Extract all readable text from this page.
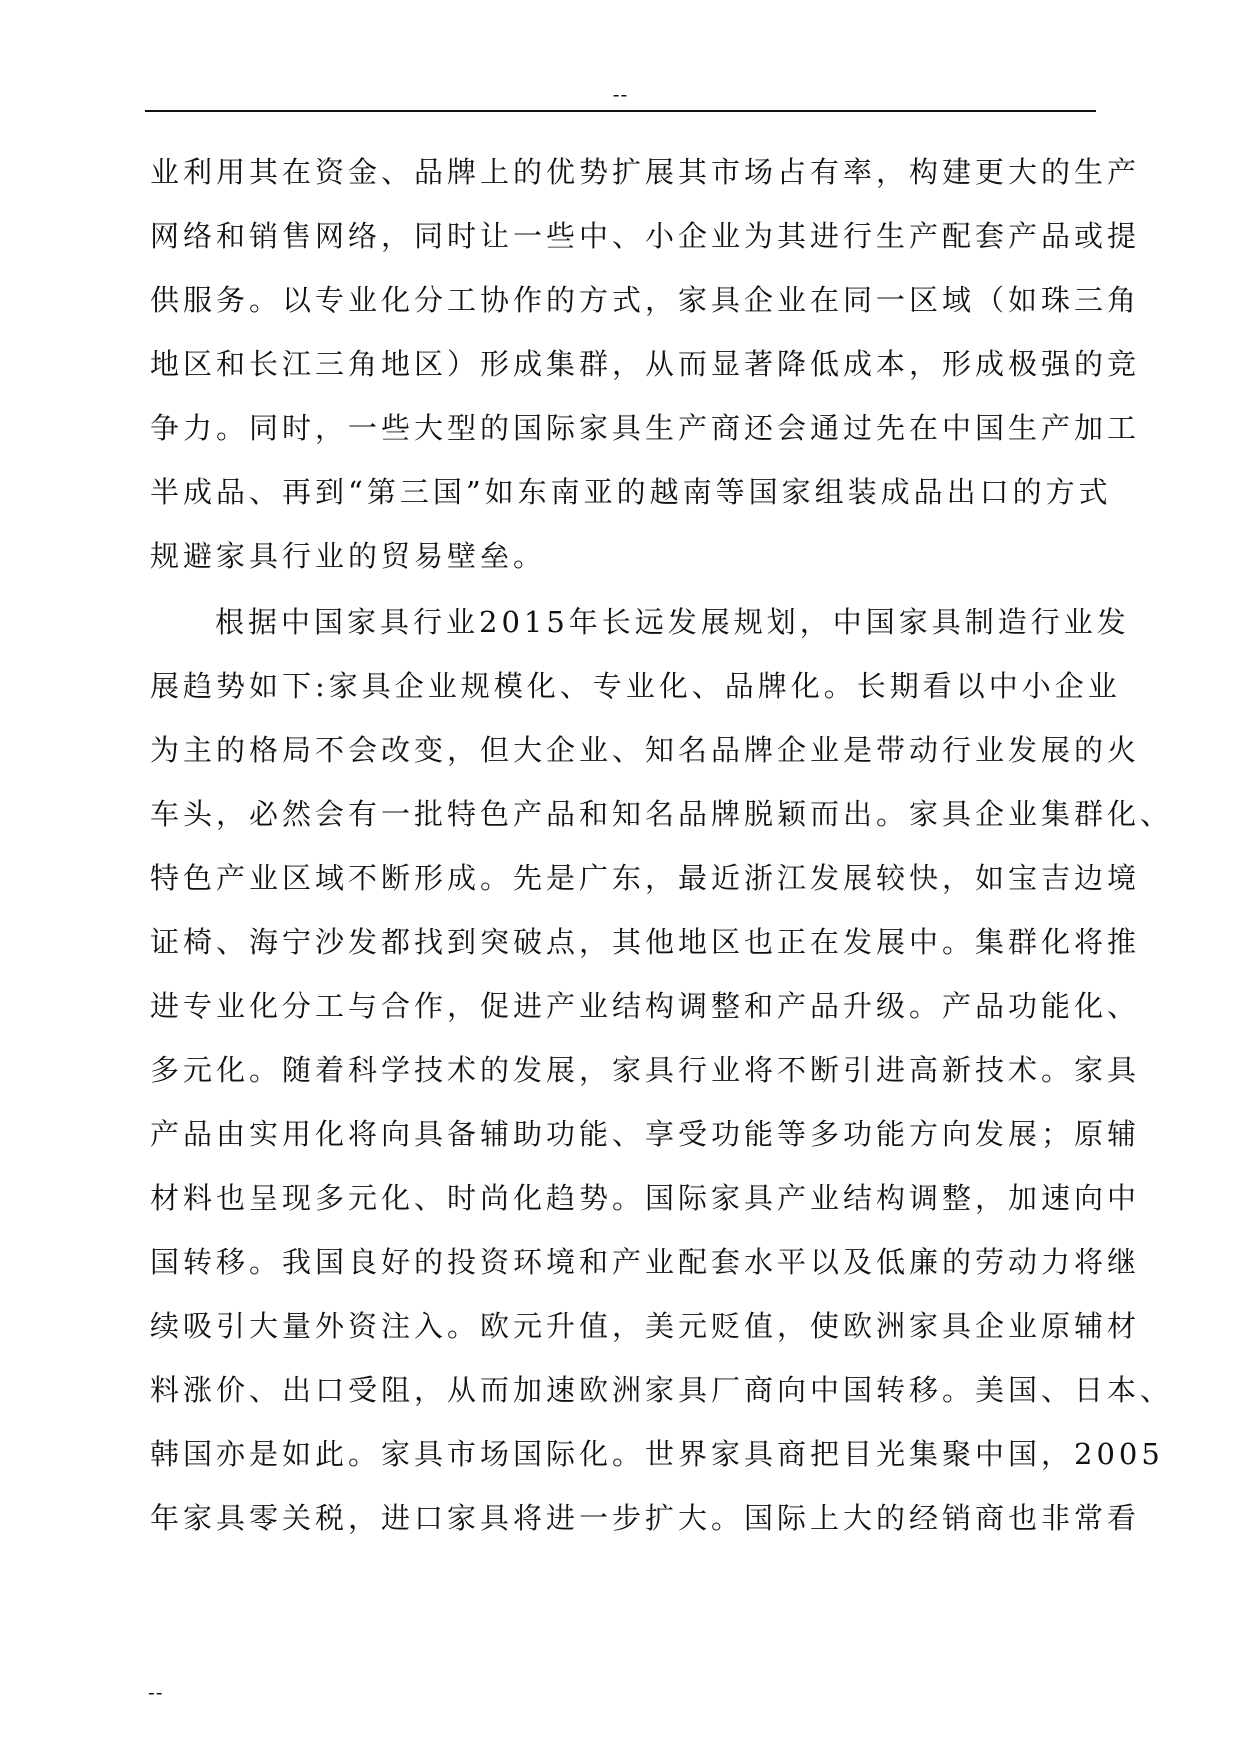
--
业利用其在资金、品牌上的优势扩展其市场占有率，构建更大的生产
网络和销售网络，同时让一些中、小企业为其进行生产配套产品或提
供服务。以专业化分工协作的方式，家具企业在同一区域（如珠三角
地区和长江三角地区）形成集群，从而显著降低成本，形成极强的竞
争力。同时，一些大型的国际家具生产商还会通过先在中国生产加工
半成品、再到“第三国”如东南亚的越南等国家组装成品出口的方式
规避家具行业的贸易壁垒。
根据中国家具行业2015年长远发展规划，中国家具制造行业发
展趋势如下:家具企业规模化、专业化、品牌化。长期看以中小企业
为主的格局不会改变，但大企业、知名品牌企业是带动行业发展的火
车头，必然会有一批特色产品和知名品牌脱颖而出。家具企业集群化、
特色产业区域不断形成。先是广东，最近浙江发展较快，如宝吉边境
证椅、海宁沙发都找到突破点，其他地区也正在发展中。集群化将推
进专业化分工与合作，促进产业结构调整和产品升级。产品功能化、
多元化。随着科学技术的发展，家具行业将不断引进高新技术。家具
产品由实用化将向具备辅助功能、享受功能等多功能方向发展；原辅
材料也呈现多元化、时尚化趋势。国际家具产业结构调整，加速向中
国转移。我国良好的投资环境和产业配套水平以及低廉的劳动力将继
续吸引大量外资注入。欧元升值，美元贬值，使欧洲家具企业原辅材
料涨价、出口受阻，从而加速欧洲家具厂商向中国转移。美国、日本、
韩国亦是如此。家具市场国际化。世界家具商把目光集聚中国，2005
年家具零关税，进口家具将进一步扩大。国际上大的经销商也非常看
--
